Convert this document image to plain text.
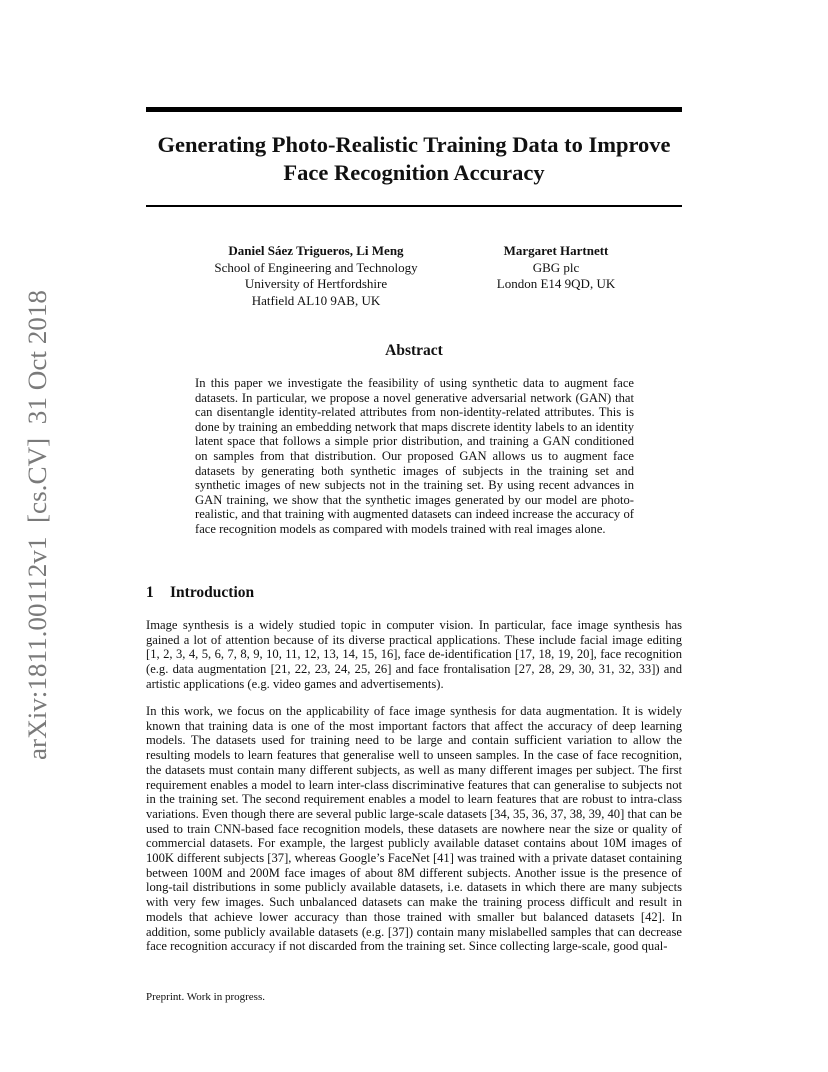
arXiv:1811.00112v1  [cs.CV]  31 Oct 2018
Generating Photo-Realistic Training Data to Improve Face Recognition Accuracy
Daniel Sáez Trigueros, Li Meng
School of Engineering and Technology
University of Hertfordshire
Hatfield AL10 9AB, UK
Margaret Hartnett
GBG plc
London E14 9QD, UK
Abstract
In this paper we investigate the feasibility of using synthetic data to augment face datasets. In particular, we propose a novel generative adversarial network (GAN) that can disentangle identity-related attributes from non-identity-related attributes. This is done by training an embedding network that maps discrete identity labels to an identity latent space that follows a simple prior distribution, and training a GAN conditioned on samples from that distribution. Our proposed GAN allows us to augment face datasets by generating both synthetic images of subjects in the training set and synthetic images of new subjects not in the training set. By using recent advances in GAN training, we show that the synthetic images generated by our model are photo-realistic, and that training with augmented datasets can indeed increase the accuracy of face recognition models as compared with models trained with real images alone.
1 Introduction

Image synthesis is a widely studied topic in computer vision. In particular, face image synthesis has gained a lot of attention because of its diverse practical applications. These include facial image editing [1, 2, 3, 4, 5, 6, 7, 8, 9, 10, 11, 12, 13, 14, 15, 16], face de-identification [17, 18, 19, 20], face recognition (e.g. data augmentation [21, 22, 23, 24, 25, 26] and face frontalisation [27, 28, 29, 30, 31, 32, 33]) and artistic applications (e.g. video games and advertisements).

In this work, we focus on the applicability of face image synthesis for data augmentation. It is widely known that training data is one of the most important factors that affect the accuracy of deep learning models. The datasets used for training need to be large and contain sufficient variation to allow the resulting models to learn features that generalise well to unseen samples. In the case of face recognition, the datasets must contain many different subjects, as well as many different images per subject. The first requirement enables a model to learn inter-class discriminative features that can generalise to subjects not in the training set. The second requirement enables a model to learn features that are robust to intra-class variations. Even though there are several public large-scale datasets [34, 35, 36, 37, 38, 39, 40] that can be used to train CNN-based face recognition models, these datasets are nowhere near the size or quality of commercial datasets. For example, the largest publicly available dataset contains about 10M images of 100K different subjects [37], whereas Google’s FaceNet [41] was trained with a private dataset containing between 100M and 200M face images of about 8M different subjects. Another issue is the presence of long-tail distributions in some publicly available datasets, i.e. datasets in which there are many subjects with very few images. Such unbalanced datasets can make the training process difficult and result in models that achieve lower accuracy than those trained with smaller but balanced datasets [42]. In addition, some publicly available datasets (e.g. [37]) contain many mislabelled samples that can decrease face recognition accuracy if not discarded from the training set. Since collecting large-scale, good qual-

Preprint. Work in progress.
